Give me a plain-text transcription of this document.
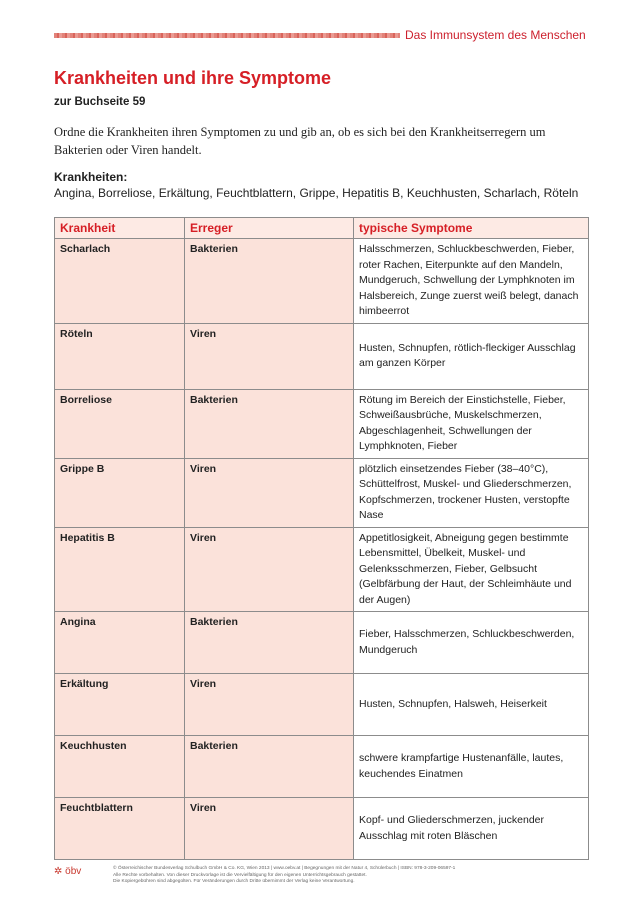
Das Immunsystem des Menschen
Krankheiten und ihre Symptome
zur Buchseite 59
Ordne die Krankheiten ihren Symptomen zu und gib an, ob es sich bei den Krankheitserregern um Bakterien oder Viren handelt.
Krankheiten:
Angina, Borreliose, Erkältung, Feuchtblattern, Grippe, Hepatitis B, Keuchhusten, Scharlach, Röteln
Krankheit	Erreger	typische Symptome
Scharlach	Bakterien	Halsschmerzen, Schluckbeschwerden, Fieber, roter Rachen, Eiterpunkte auf den Mandeln, Mundgeruch, Schwellung der Lymphknoten im Halsbereich, Zunge zuerst weiß belegt, danach himbeerrot
Röteln	Viren	Husten, Schnupfen, rötlich-fleckiger Ausschlag am ganzen Körper
Borreliose	Bakterien	Rötung im Bereich der Einstichstelle, Fieber, Schweißausbrüche, Muskelschmerzen, Abgeschlagenheit, Schwellungen der Lymphknoten, Fieber
Grippe B	Viren	plötzlich einsetzendes Fieber (38–40°C), Schüttelfrost, Muskel- und Gliederschmerzen, Kopfschmerzen, trockener Husten, verstopfte Nase
Hepatitis B	Viren	Appetitlosigkeit, Abneigung gegen bestimmte Lebensmittel, Übelkeit, Muskel- und Gelenksschmerzen, Fieber, Gelbsucht (Gelbfärbung der Haut, der Schleimhäute und der Augen)
Angina	Bakterien	Fieber, Halsschmerzen, Schluckbeschwerden, Mundgeruch
Erkältung	Viren	Husten, Schnupfen, Halsweh, Heiserkeit
Keuchhusten	Bakterien	schwere krampfartige Hustenanfälle, lautes, keuchendes Einatmen
Feuchtblattern	Viren	Kopf- und Gliederschmerzen, juckender Ausschlag mit roten Bläschen
✲ öbv	© Österreichischer Bundesverlag Schulbuch GmbH & Co. KG, Wien 2013 | www.oebv.at | Begegnungen mit der Natur 4, Schülerbuch | ISBN: 978-3-209-06597-1
Alle Rechte vorbehalten. Von dieser Druckvorlage ist die Vervielfältigung für den eigenen Unterrichtsgebrauch gestattet.
Die Kopiergebühren sind abgegolten. Für Veränderungen durch Dritte übernimmt der Verlag keine Verantwortung.
